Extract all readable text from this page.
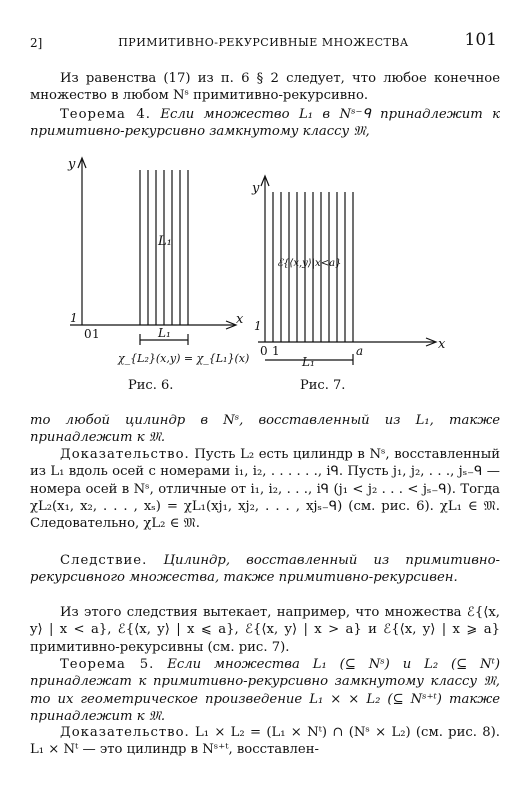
2]	ПРИМИТИВНО-РЕКУРСИВНЫЕ МНОЖЕСТВА	101

Из равенства (17) из п. 6 § 2 следует, что любое конечное множество в любом Nˢ примитивно-рекурсивно.

Теорема 4. Если множество L₁ в Nˢ⁻ᑫ принадлежит к примитивно-рекурсивно замкнутому классу 𝔐,

y
x
1
0 1
L₁
L₁
χ_{L₂}(x,y) = χ_{L₁}(x)
Рис. 6.
y
x
1
0 1	a
ℰ{⟨x,y⟩|x<a}
L₁
Рис. 7.

то любой цилиндр в Nˢ, восставленный из L₁, также принадлежит к 𝔐.

Доказательство. Пусть L₂ есть цилиндр в Nˢ, восставленный из L₁ вдоль осей с номерами i₁, i₂, . . . . . ., iᑫ. Пусть j₁, j₂, . . ., jₛ₋ᑫ — номера осей в Nˢ, отличные от i₁, i₂, . . ., iᑫ (j₁ < j₂ . . . < jₛ₋ᑫ). Тогда χL₂(x₁, x₂, . . . , xₛ) = χL₁(xj₁, xj₂, . . . , xjₛ₋ᑫ) (см. рис. 6). χL₁ ∈ 𝔐. Следовательно, χL₂ ∈ 𝔐.

Следствие. Цилиндр, восставленный из примитивно-рекурсивного множества, также примитивно-рекурсивен.

Из этого следствия вытекает, например, что множества ℰ{⟨x, y⟩ | x < a}, ℰ{⟨x, y⟩ | x ⩽ a}, ℰ{⟨x, y⟩ | x > a} и ℰ{⟨x, y⟩ | x ⩾ a} примитивно-рекурсивны (см. рис. 7).

Теорема 5. Если множества L₁ (⊆ Nˢ) и L₂ (⊆ Nᵗ) принадлежат к примитивно-рекурсивно замкнутому классу 𝔐, то их геометрическое произведение L₁ × × L₂ (⊆ Nˢ⁺ᵗ) также принадлежит к 𝔐.

Доказательство. L₁ × L₂ = (L₁ × Nᵗ) ∩ (Nˢ × L₂) (см. рис. 8). L₁ × Nᵗ — это цилиндр в Nˢ⁺ᵗ, восставлен-
